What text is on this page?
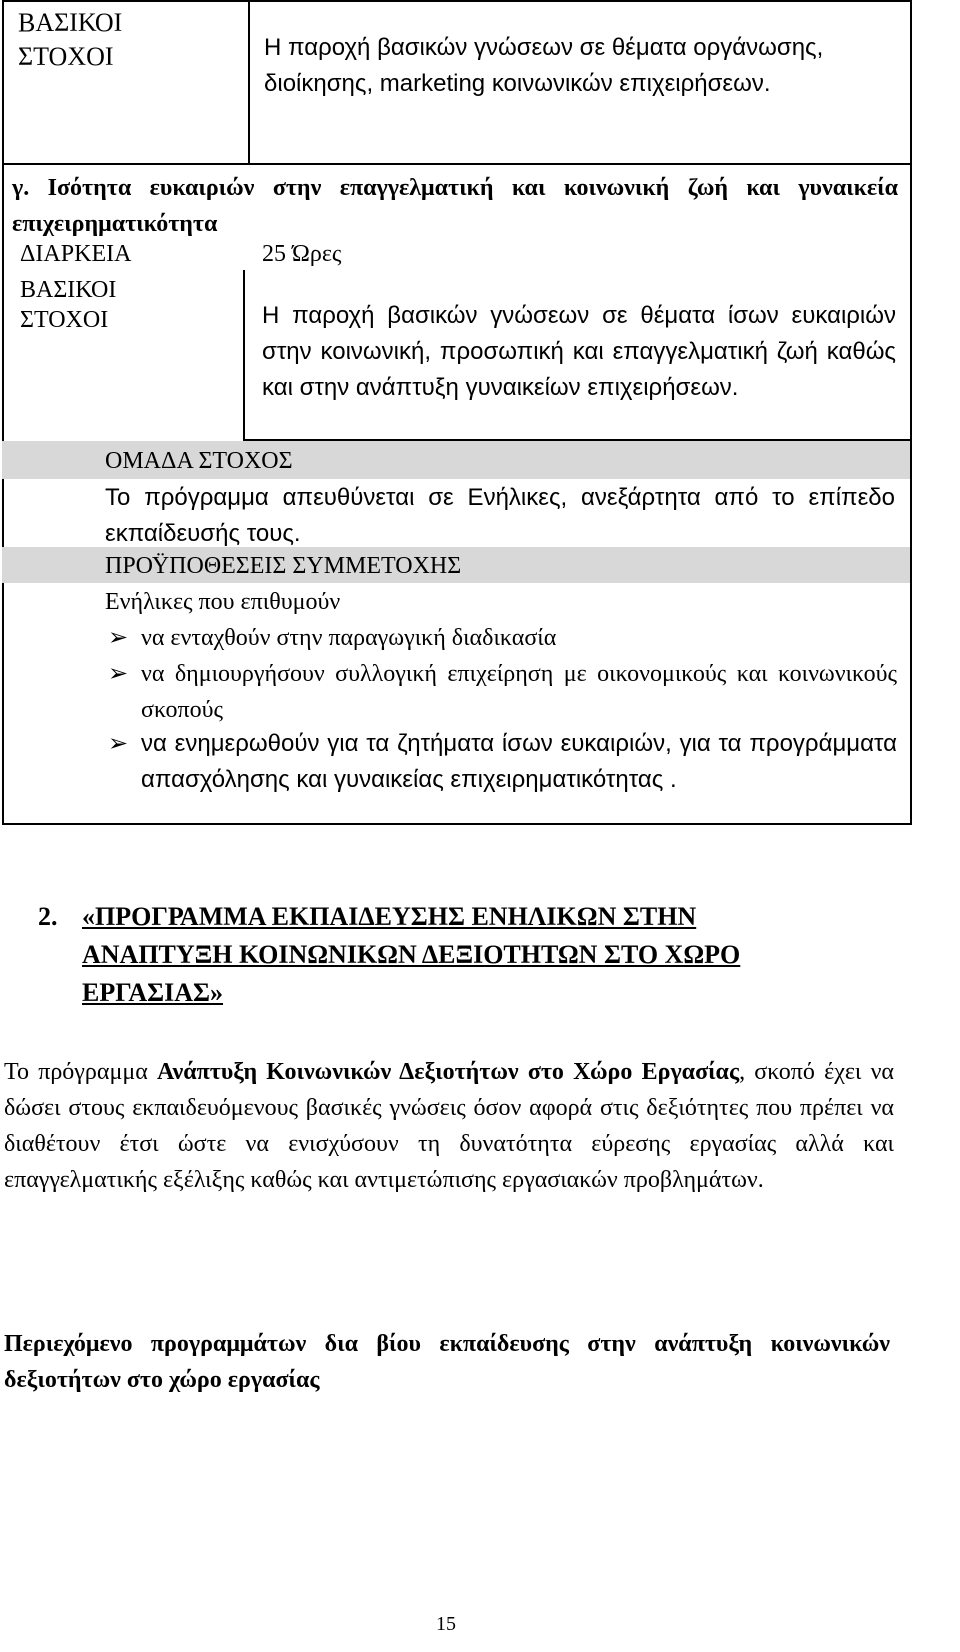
ΒΑΣΙΚΟΙ
ΣΤΟΧΟΙ	Η παροχή βασικών γνώσεων σε θέματα οργάνωσης, διοίκησης, marketing κοινωνικών επιχειρήσεων.
γ. Ισότητα ευκαιριών στην επαγγελματική και κοινωνική ζωή και γυναικεία επιχειρηματικότητα
ΔΙΑΡΚΕΙΑ	25 Ώρες
ΒΑΣΙΚΟΙ
ΣΤΟΧΟΙ	Η παροχή βασικών γνώσεων σε θέματα ίσων ευκαιριών στην κοινωνική, προσωπική και επαγγελματική ζωή καθώς και στην ανάπτυξη γυναικείων επιχειρήσεων.
ΟΜΑΔΑ ΣΤΟΧΟΣ
Το πρόγραμμα απευθύνεται σε Ενήλικες, ανεξάρτητα από το επίπεδο εκπαίδευσής τους.
ΠΡΟΫΠΟΘΕΣΕΙΣ ΣΥΜΜΕΤΟΧΗΣ
Ενήλικες που επιθυμούν
➢ να ενταχθούν στην παραγωγική διαδικασία
➢ να δημιουργήσουν συλλογική επιχείρηση με οικονομικούς και κοινωνικούς σκοπούς
➢ να ενημερωθούν για τα ζητήματα ίσων ευκαιριών, για τα προγράμματα απασχόλησης και γυναικείας επιχειρηματικότητας .
2. «ΠΡΟΓΡΑΜΜΑ ΕΚΠΑΙΔΕΥΣΗΣ ΕΝΗΛΙΚΩΝ ΣΤΗΝ ΑΝΑΠΤΥΞΗ ΚΟΙΝΩΝΙΚΩΝ ΔΕΞΙΟΤΗΤΩΝ ΣΤΟ ΧΩΡΟ ΕΡΓΑΣΙΑΣ»

Το πρόγραμμα Ανάπτυξη Κοινωνικών Δεξιοτήτων στο Χώρο Εργασίας, σκοπό έχει να δώσει στους εκπαιδευόμενους βασικές γνώσεις όσον αφορά στις δεξιότητες που πρέπει να διαθέτουν έτσι ώστε να ενισχύσουν τη δυνατότητα εύρεσης εργασίας αλλά και επαγγελματικής εξέλιξης καθώς και αντιμετώπισης εργασιακών προβλημάτων.

Περιεχόμενο προγραμμάτων δια βίου εκπαίδευσης στην ανάπτυξη κοινωνικών δεξιοτήτων στο χώρο εργασίας
15
